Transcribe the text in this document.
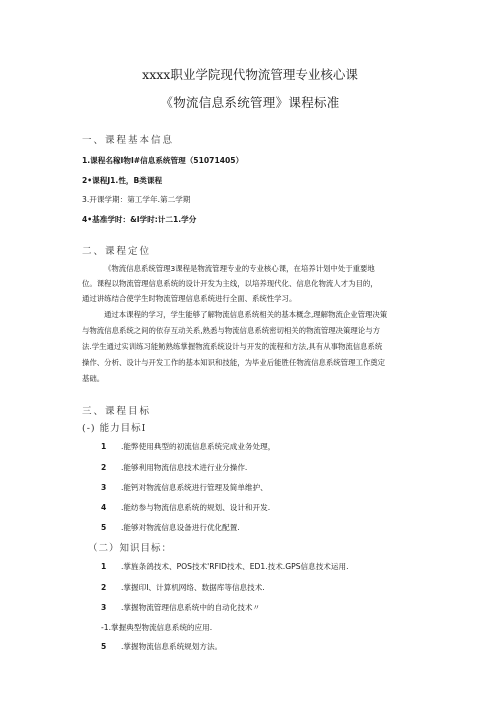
xxxx职业学院现代物流管理专业核心课
《物流信息系统管理》课程标准
一、课程基本信息
1.课程名稼I物I#信息系统管理（51071405）
2•课程J1.性，B类课程
3.开课学期：第工学年.第二学期
4•基准学时：&I学时:计二1.学分
二、课程定位
《物流信息系统管理3课程是物流管理专业的专业核心课，在培养计划中处于重要地
位。课程以物流管理信息系统的设计开发为主线，以培养现代化、信息化物流人才为目的，
通过讲练结合使学生时物流管理信息系统进行全面、系统性学习。
通过本课程的学习，学生能够了解物流信息系统相关的基本概念,理解物流企业管理决策
与物流信息系统之间的依存互动关系,熟悉与物流信息系统密切相关的物流管理决策理论与方
法.学生通过实训练习能鲂熟练掌握物流系统设计与开发的流程和方法,具有从事物流信息系统
操作、分析、设计与开发工作的基本知识和技能，为毕业后能胜任物流信息系统管理工作奠定
基础。
三、课程目标
(-) 能力目标I
1 .能弊使用典型的初流信息系统完成业务处理，
2 .能够利用物流信息技术进行业分操作.
3 .能钙对物流信息系统进行管理及简单维护、
4 .能纺参与物流信息系统的规划、设计和开发.
5 .能够对物流信息设备进行优化配置.
（二）知识目标：
1 .掌旌条鸽技术、POS技术'RFID技术、ED1.技术.GPS信息技术运用.
2 .掌握印I、计算机网络、数据库等信息技术.
3 .掌握物流管理信息系统中的自动化技术〃
-1.掌握典型物流信息系统的应用.
5 .掌握物流信息系统规划方法。
